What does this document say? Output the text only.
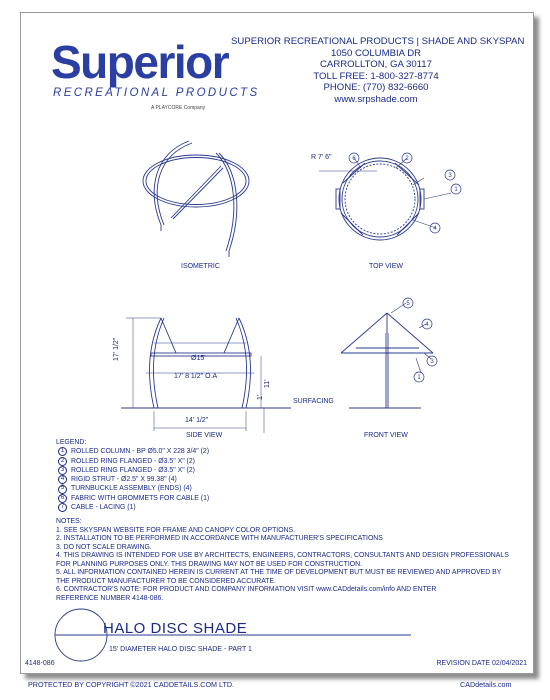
Superior
RECREATIONAL PRODUCTS
A PLAYCORE Company
SUPERIOR RECREATIONAL PRODUCTS | SHADE AND SKYSPAN
1050 COLUMBIA DR
CARROLLTON, GA 30117
TOLL FREE: 1-800-327-8774
PHONE: (770) 832-6660
www.srpshade.com
6	2
3
1
4
5
4
3
1
ISOMETRIC	TOP VIEW
SIDE VIEW	FRONT VIEW
R 7' 6"
17' 1/2"	Ø15'
17' 8 1/2" O.A
11'
1'
14' 1/2"
SURFACING
LEGEND:
1 ROLLED COLUMN - BP Ø5.0" X 228 3/4" (2)
2 ROLLED RING FLANGED - Ø3.5" X" (2)
3 ROLLED RING FLANGED - Ø3.5" X" (2)
4 RIGID STRUT - Ø2.5" X 99.38" (4)
5 TURNBUCKLE ASSEMBLY (ENDS) (4)
6 FABRIC WITH GROMMETS FOR CABLE (1)
7 CABLE - LACING (1)
NOTES:
1. SEE SKYSPAN WEBSITE FOR FRAME AND CANOPY COLOR OPTIONS.
2. INSTALLATION TO BE PERFORMED IN ACCORDANCE WITH MANUFACTURER'S SPECIFICATIONS
3. DO NOT SCALE DRAWING.
4. THIS DRAWING IS INTENDED FOR USE BY ARCHITECTS, ENGINEERS, CONTRACTORS, CONSULTANTS AND DESIGN PROFESSIONALS
FOR PLANNING PURPOSES ONLY. THIS DRAWING MAY NOT BE USED FOR CONSTRUCTION.
5. ALL INFORMATION CONTAINED HEREIN IS CURRENT AT THE TIME OF DEVELOPMENT BUT MUST BE REVIEWED AND APPROVED BY
THE PRODUCT MANUFACTURER TO BE CONSIDERED ACCURATE.
6. CONTRACTOR'S NOTE: FOR PRODUCT AND COMPANY INFORMATION VISIT www.CADdetails.com/info AND ENTER
REFERENCE NUMBER 4148-086.
HALO DISC SHADE
15' DIAMETER HALO DISC SHADE - PART 1
4148-086	REVISION DATE 02/04/2021
PROTECTED BY COPYRIGHT ©2021 CADDETAILS.COM LTD.	CADdetails.com
